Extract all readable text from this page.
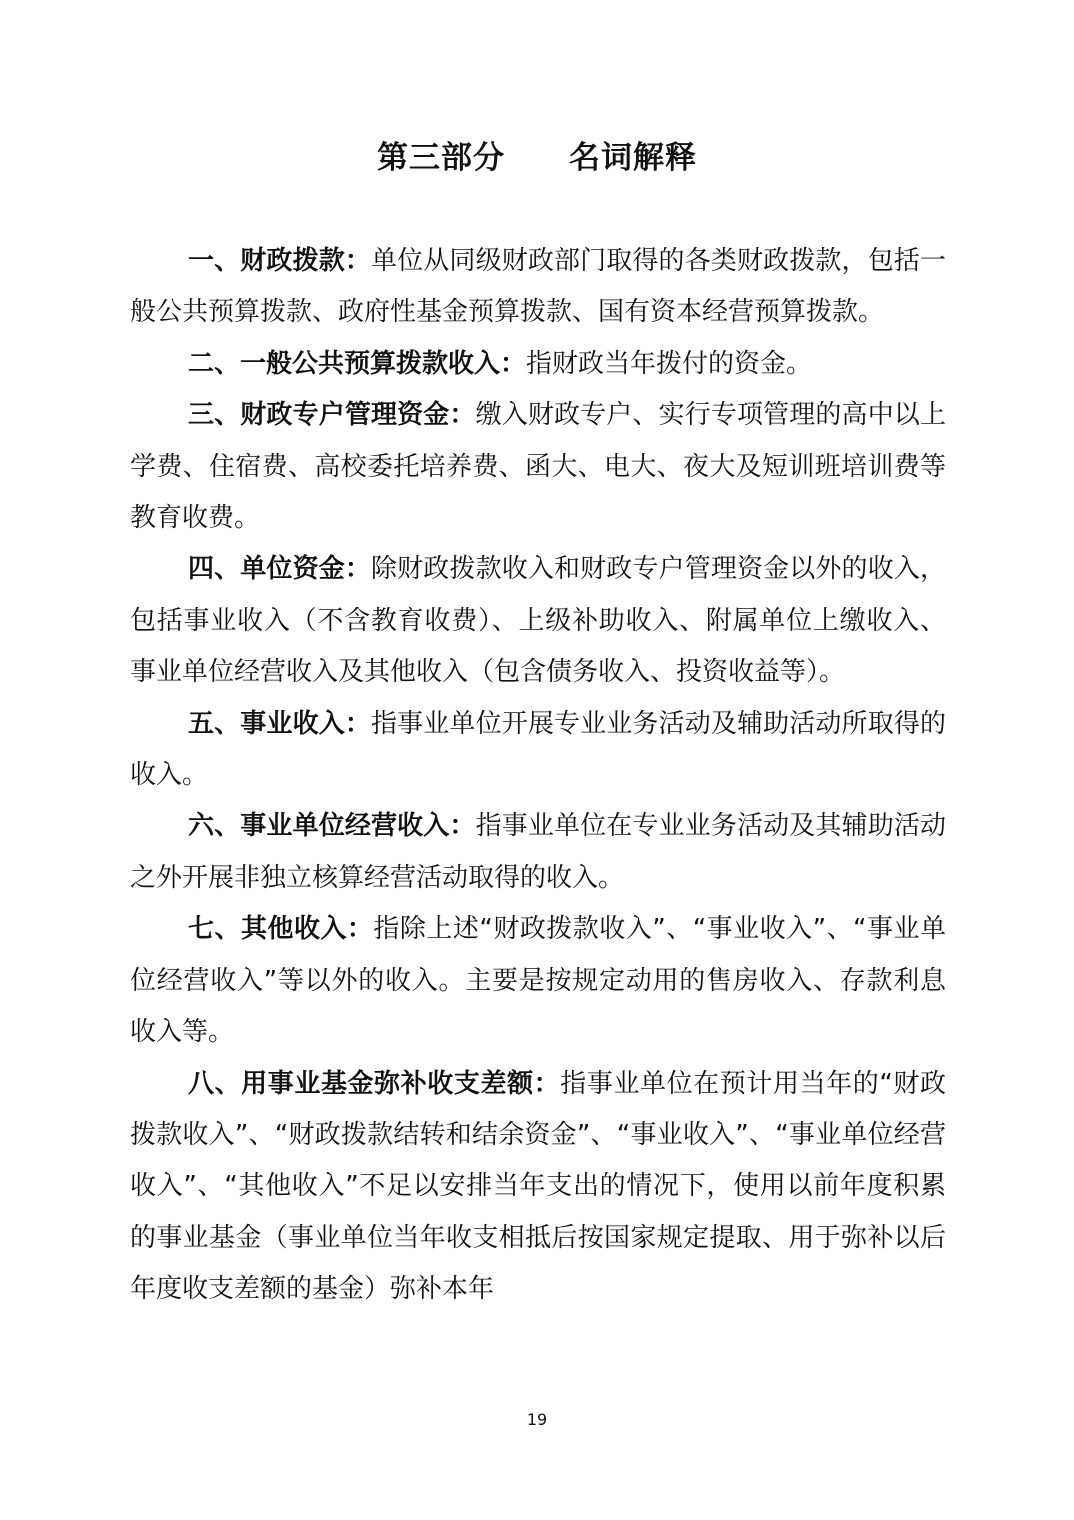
第三部分　　名词解释

一、财政拨款：单位从同级财政部门取得的各类财政拨款，包括一般公共预算拨款、政府性基金预算拨款、国有资本经营预算拨款。

二、一般公共预算拨款收入：指财政当年拨付的资金。

三、财政专户管理资金：缴入财政专户、实行专项管理的高中以上学费、住宿费、高校委托培养费、函大、电大、夜大及短训班培训费等教育收费。

四、单位资金：除财政拨款收入和财政专户管理资金以外的收入，包括事业收入（不含教育收费）、上级补助收入、附属单位上缴收入、事业单位经营收入及其他收入（包含债务收入、投资收益等）。

五、事业收入：指事业单位开展专业业务活动及辅助活动所取得的收入。

六、事业单位经营收入：指事业单位在专业业务活动及其辅助活动之外开展非独立核算经营活动取得的收入。

七、其他收入：指除上述“财政拨款收入”、“事业收入”、“事业单位经营收入”等以外的收入。主要是按规定动用的售房收入、存款利息收入等。

八、用事业基金弥补收支差额：指事业单位在预计用当年的“财政拨款收入”、“财政拨款结转和结余资金”、“事业收入”、“事业单位经营收入”、“其他收入”不足以安排当年支出的情况下，使用以前年度积累的事业基金（事业单位当年收支相抵后按国家规定提取、用于弥补以后年度收支差额的基金）弥补本年

19
